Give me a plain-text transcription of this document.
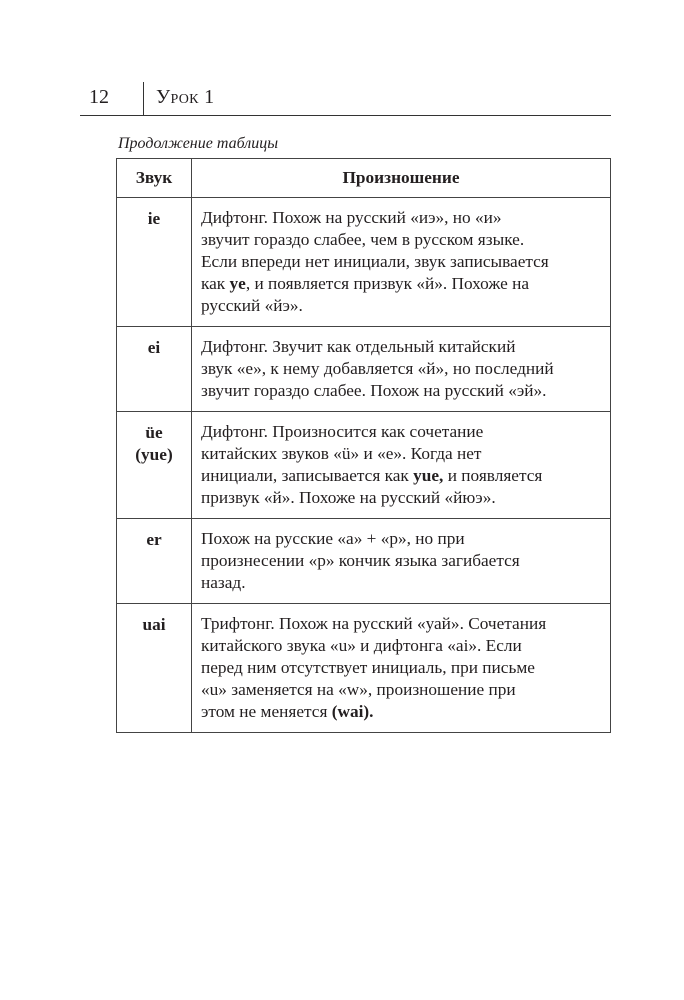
12 Урок 1
Продолжение таблицы
Звук	Произношение

ie	Дифтонг. Похож на русский «иэ», но «и»
звучит гораздо слабее, чем в русском языке.
Если впереди нет инициали, звук записывается
как ye, и появляется призвук «й». Похоже на
русский «йэ».

ei	Дифтонг. Звучит как отдельный китайский
звук «е», к нему добавляется «й», но последний
звучит гораздо слабее. Похож на русский «эй».

üe
(yue)	Дифтонг. Произносится как сочетание
китайских звуков «ü» и «е». Когда нет
инициали, записывается как yue, и появляется
призвук «й». Похоже на русский «йюэ».

er	Похож на русские «а» + «р», но при
произнесении «р» кончик языка загибается
назад.

uai	Трифтонг. Похож на русский «уай». Сочетания
китайского звука «u» и дифтонга «ai». Если
перед ним отсутствует инициаль, при письме
«u» заменяется на «w», произношение при
этом не меняется (wai).
